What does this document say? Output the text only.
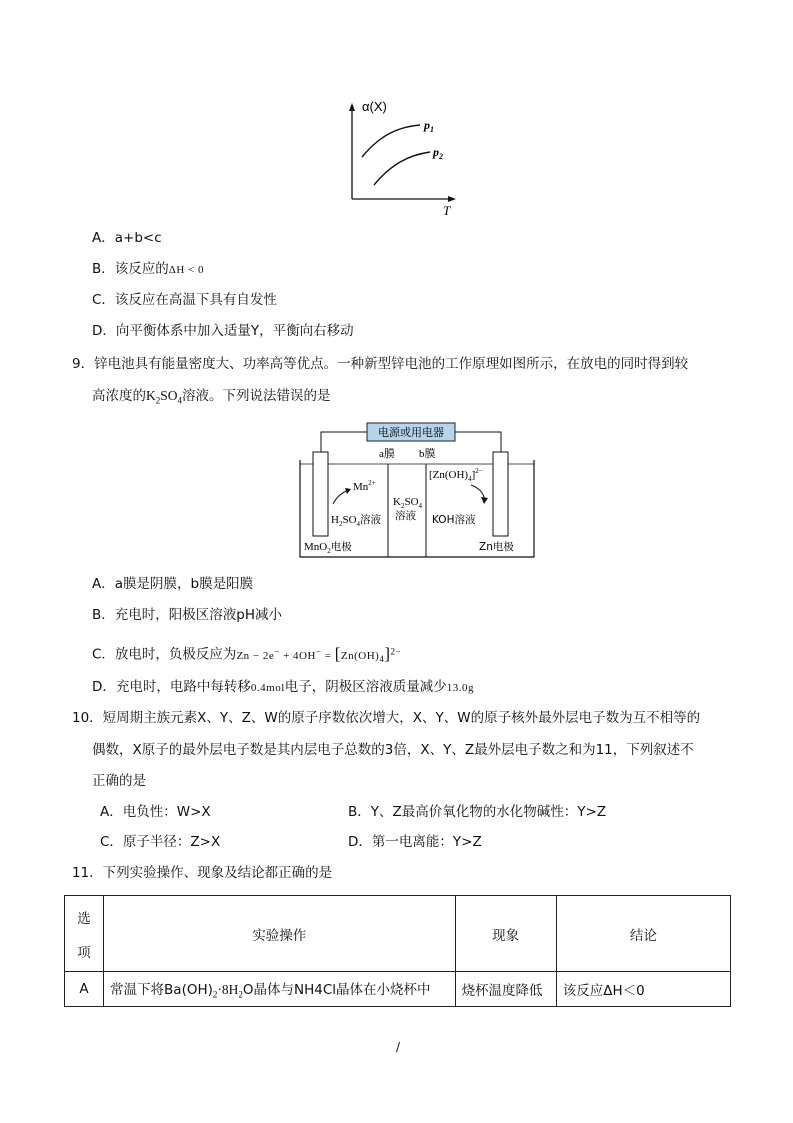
α(X)
T
$p_1$
$p_2$
A．a+b<c
B．该反应的ΔH < 0
C．该反应在高温下具有自发性
D．向平衡体系中加入适量Y，平衡向右移动
9．锌电池具有能量密度大、功率高等优点。一种新型锌电池的工作原理如图所示，在放电的同时得到较
高浓度的$K_2SO_4$溶液。下列说法错误的是
电源或用电器
a膜 b膜
$Mn^{2+}$
$H_2SO_4$溶液
$K_2SO_4$
溶液
$[Zn(OH)_4]^{2-}$
KOH溶液
MnO$_2$电极	Zn电极
A．a膜是阴膜，b膜是阳膜
B．充电时，阳极区溶液pH减小
C．放电时，负极反应为$Zn - 2e^- + 4OH^- = [Zn(OH)_4]^{2-}$
D．充电时，电路中每转移0.4mol电子，阴极区溶液质量减少13.0g
10．短周期主族元素X、Y、Z、W的原子序数依次增大，X、Y、W的原子核外最外层电子数为互不相等的
偶数，X原子的最外层电子数是其内层电子总数的3倍，X、Y、Z最外层电子数之和为11，下列叙述不
正确的是
A．电负性：W>X	B．Y、Z最高价氧化物的水化物碱性：Y>Z
C．原子半径：Z>X	D．第一电离能：Y>Z
11．下列实验操作、现象及结论都正确的是
选
项	实验操作	现象	结论
A	常温下将$Ba(OH)_2\cdot 8H_2O$晶体与NH4Cl晶体在小烧杯中	烧杯温度降低	该反应ΔH＜0
/
